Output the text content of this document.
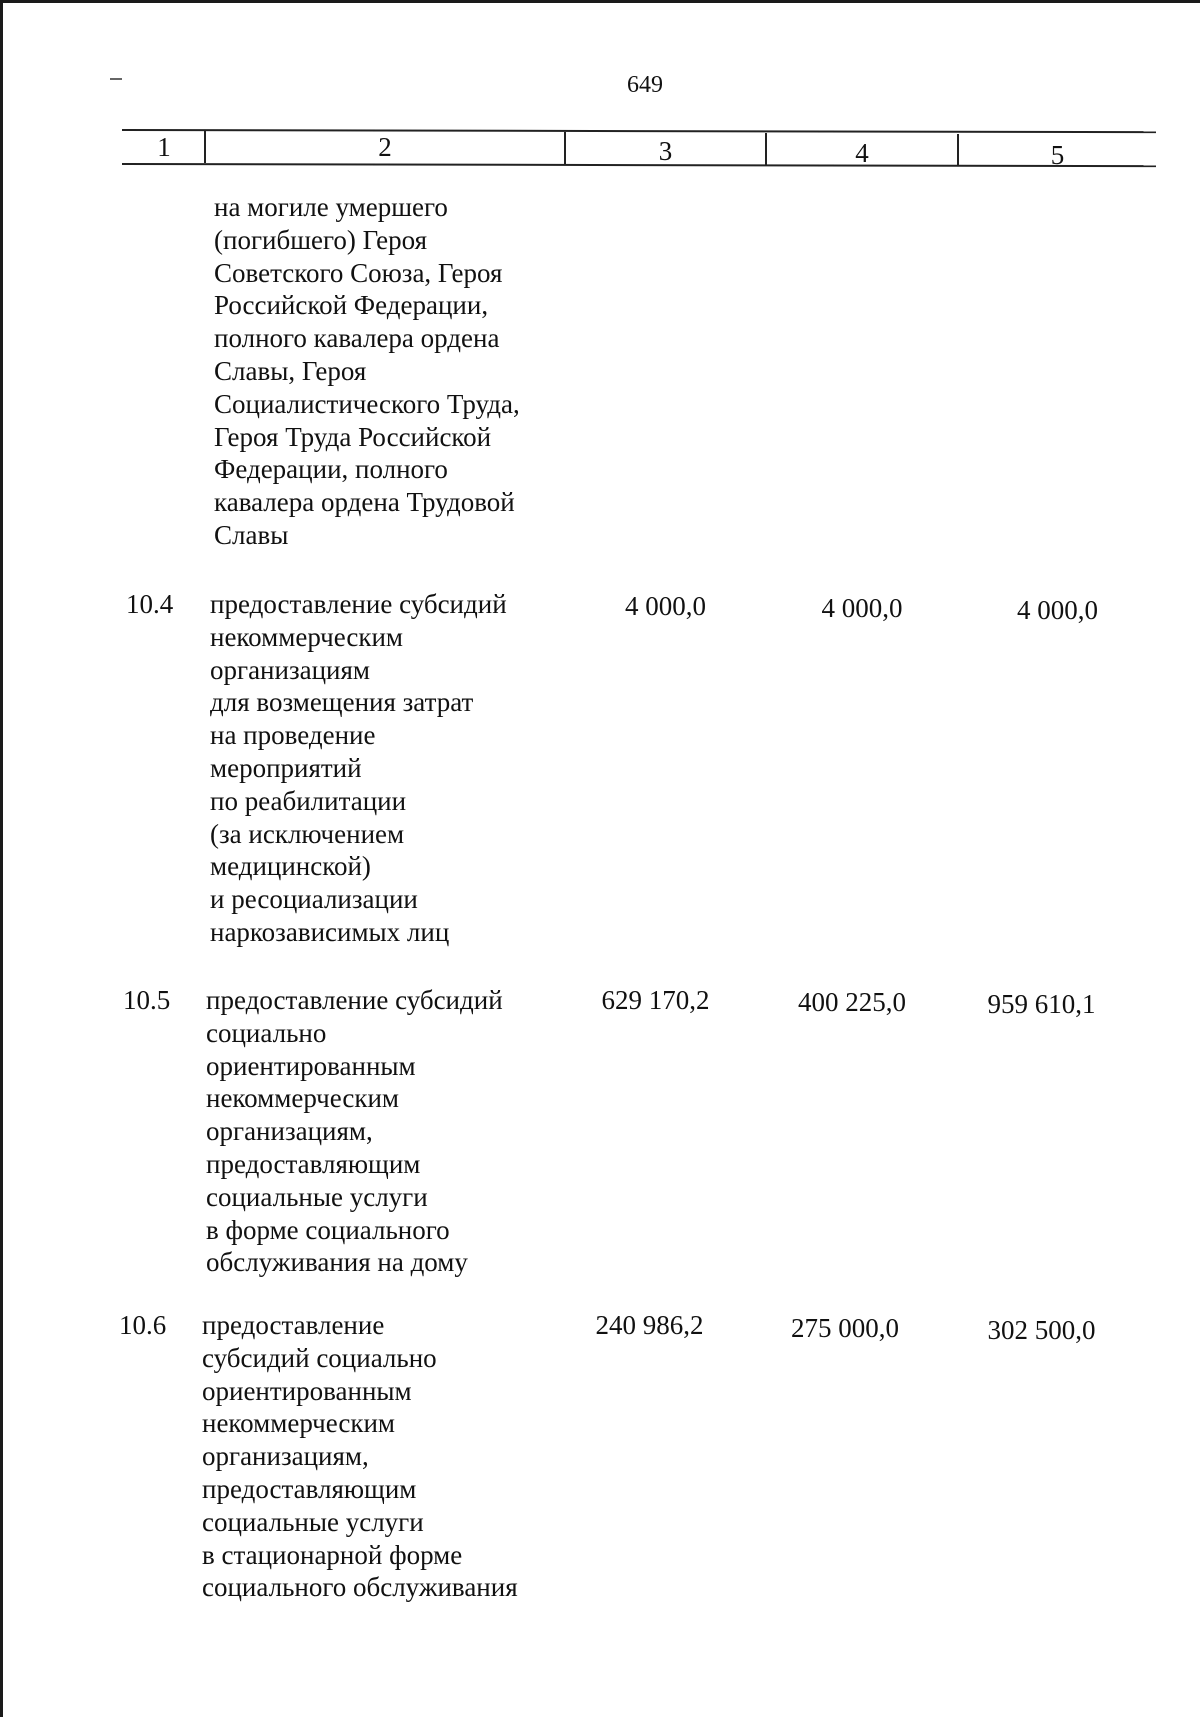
649
1	2	3	4	5
на могиле умершего
(погибшего) Героя
Советского Союза, Героя
Российской Федерации,
полного кавалера ордена
Славы, Героя
Социалистического Труда,
Героя Труда Российской
Федерации, полного
кавалера ордена Трудовой
Славы
10.4 предоставление субсидий
некоммерческим
организациям
для возмещения затрат
на проведение
мероприятий
по реабилитации
(за исключением
медицинской)
и ресоциализации
наркозависимых лиц
4 000,0	4 000,0	4 000,0
10.5 предоставление субсидий
социально
ориентированным
некоммерческим
организациям,
предоставляющим
социальные услуги
в форме социального
обслуживания на дому
629 170,2	400 225,0	959 610,1
10.6 предоставление
субсидий социально
ориентированным
некоммерческим
организациям,
предоставляющим
социальные услуги
в стационарной форме
социального обслуживания
240 986,2	275 000,0	302 500,0
